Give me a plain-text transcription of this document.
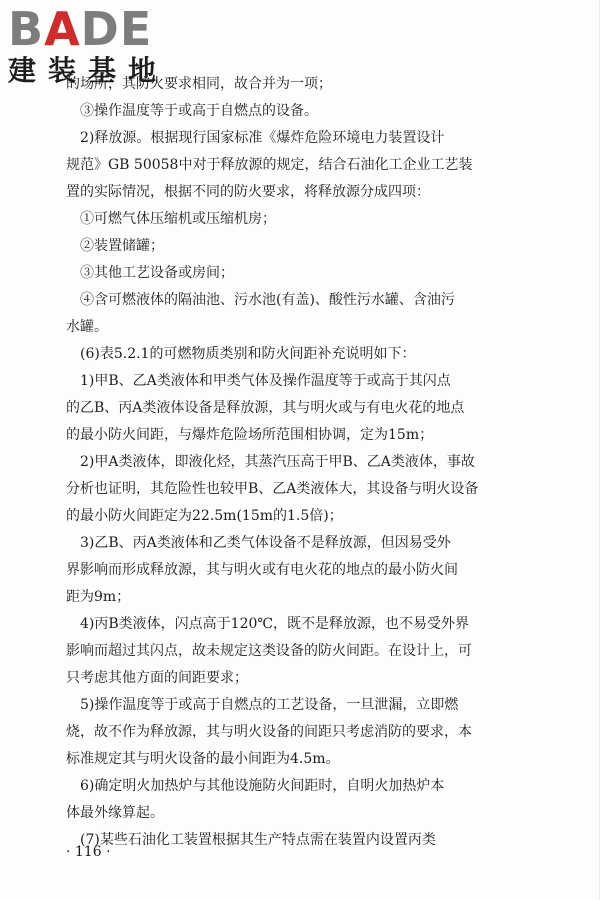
BADE
建装基地
的场所，其防火要求相同，故合并为一项；
③操作温度等于或高于自燃点的设备。
2)释放源。根据现行国家标准《爆炸危险环境电力装置设计
规范》GB 50058中对于释放源的规定，结合石油化工企业工艺装
置的实际情况，根据不同的防火要求，将释放源分成四项：
①可燃气体压缩机或压缩机房；
②装置储罐；
③其他工艺设备或房间；
④含可燃液体的隔油池、污水池(有盖)、酸性污水罐、含油污
水罐。
(6)表5.2.1的可燃物质类别和防火间距补充说明如下：
1)甲B、乙A类液体和甲类气体及操作温度等于或高于其闪点
的乙B、丙A类液体设备是释放源，其与明火或与有电火花的地点
的最小防火间距，与爆炸危险场所范围相协调，定为15m；
2)甲A类液体，即液化烃，其蒸汽压高于甲B、乙A类液体，事故
分析也证明，其危险性也较甲B、乙A类液体大，其设备与明火设备
的最小防火间距定为22.5m(15m的1.5倍)；
3)乙B、丙A类液体和乙类气体设备不是释放源，但因易受外
界影响而形成释放源，其与明火或有电火花的地点的最小防火间
距为9m；
4)丙B类液体，闪点高于120℃，既不是释放源，也不易受外界
影响而超过其闪点，故未规定这类设备的防火间距。在设计上，可
只考虑其他方面的间距要求；
5)操作温度等于或高于自燃点的工艺设备，一旦泄漏，立即燃
烧，故不作为释放源，其与明火设备的间距只考虑消防的要求，本
标准规定其与明火设备的最小间距为4.5m。
6)确定明火加热炉与其他设施防火间距时，自明火加热炉本
体最外缘算起。
(7)某些石油化工装置根据其生产特点需在装置内设置丙类
· 116 ·
